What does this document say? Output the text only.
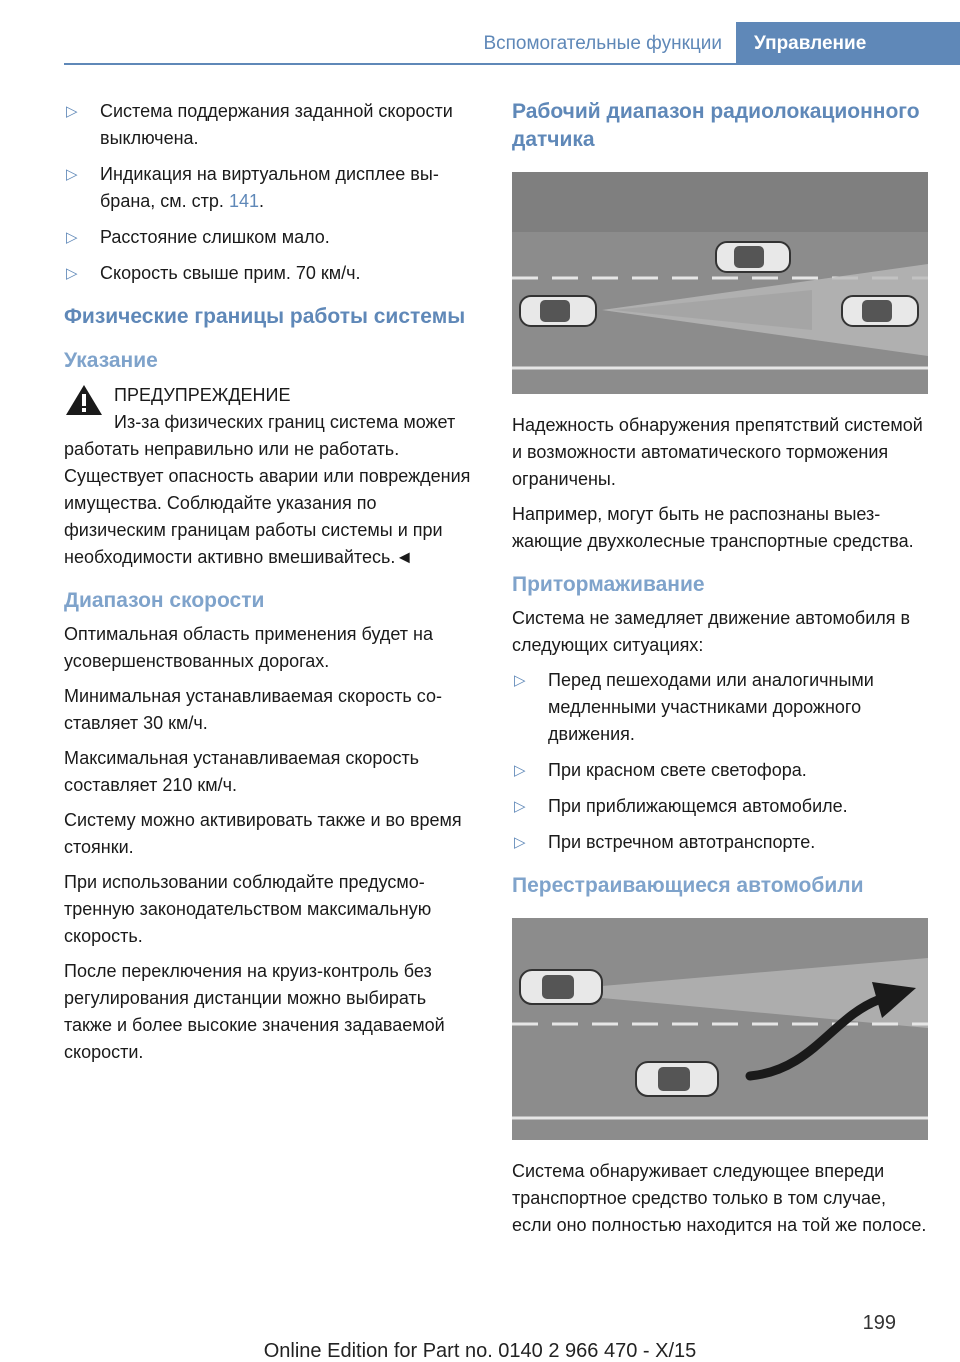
Вспомогательные функции	Управление
▷ Система поддержания заданной скорости выключена.
▷ Индикация на виртуальном дисплее выбрана, см. стр. 141.
▷ Расстояние слишком мало.
▷ Скорость свыше прим. 70 км/ч.
Физические границы работы системы
Указание
ПРЕДУПРЕЖДЕНИЕ
Из-за физических границ система может работать неправильно или не работать. Существует опасность аварии или повреждения имущества. Соблюдайте указания по физическим границам работы системы и при необходимости активно вмешивайтесь.◄
Диапазон скорости

Оптимальная область применения будет на усовершенствованных дорогах.

Минимальная устанавливаемая скорость составляет 30 км/ч.

Максимальная устанавливаемая скорость составляет 210 км/ч.

Систему можно активировать также и во время стоянки.

При использовании соблюдайте предусмотренную законодательством максимальную скорость.

После переключения на круиз-контроль без регулирования дистанции можно выбирать также и более высокие значения задаваемой скорости.

Рабочий диапазон радиолокационного датчика

Надежность обнаружения препятствий системой и возможности автоматического торможения ограничены.

Например, могут быть не распознаны выезжающие двухколесные транспортные средства.

Притормаживание

Система не замедляет движение автомобиля в следующих ситуациях:

▷ Перед пешеходами или аналогичными медленными участниками дорожного движения.
▷ При красном свете светофора.
▷ При приближающемся автомобиле.
▷ При встречном автотранспорте.
Перестраивающиеся автомобили

Система обнаруживает следующее впереди транспортное средство только в том случае, если оно полностью находится на той же полосе.

199
Online Edition for Part no. 0140 2 966 470 - X/15
